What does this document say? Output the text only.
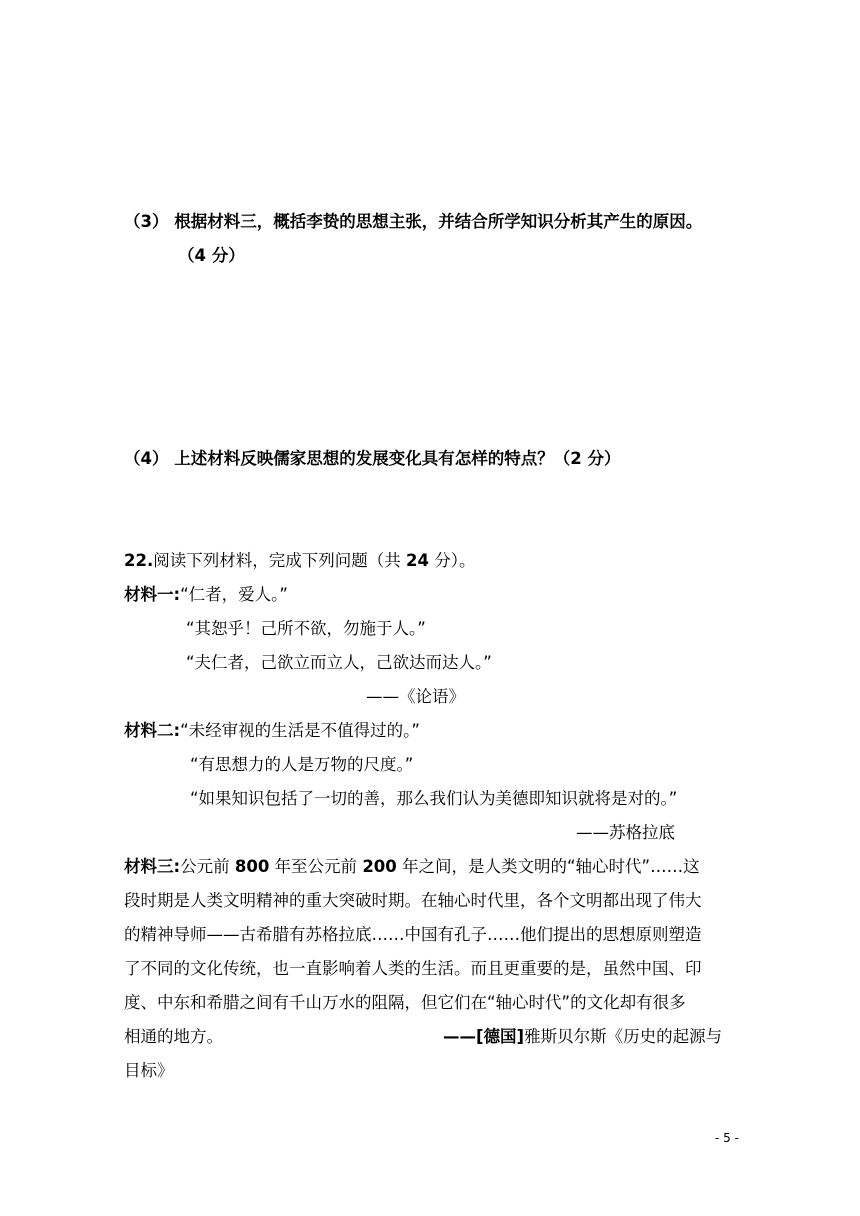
（3） 根据材料三，概括李贽的思想主张，并结合所学知识分析其产生的原因。
（4 分）
（4） 上述材料反映儒家思想的发展变化具有怎样的特点？（2 分）
22.阅读下列材料，完成下列问题（共 24 分）。
材料一:“仁者，爱人。”
“其恕乎！己所不欲，勿施于人。”
“夫仁者，己欲立而立人，己欲达而达人。”
——《论语》
材料二:“未经审视的生活是不值得过的。”
“有思想力的人是万物的尺度。”
“如果知识包括了一切的善，那么我们认为美德即知识就将是对的。”
——苏格拉底
材料三:公元前 800 年至公元前 200 年之间，是人类文明的“轴心时代”……这
段时期是人类文明精神的重大突破时期。在轴心时代里，各个文明都出现了伟大
的精神导师——古希腊有苏格拉底……中国有孔子……他们提出的思想原则塑造
了不同的文化传统，也一直影响着人类的生活。而且更重要的是，虽然中国、印
度、中东和希腊之间有千山万水的阻隔，但它们在“轴心时代”的文化却有很多
相通的地方。	——[德国]雅斯贝尔斯《历史的起源与
目标》
- 5 -
